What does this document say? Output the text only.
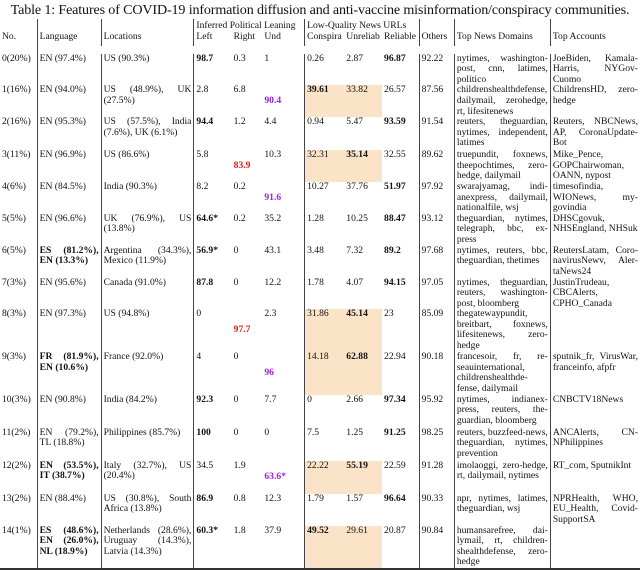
Table 1: Features of COVID-19 information diffusion and anti-vaccine misinformation/conspiracy communities.
			Inferred Political Leaning			Low-Quality News URLs					
No.	Language	Locations	Left	Right	Und	Conspira	Unreliab	Reliable	Others	Top News Domains	Top Accounts

0(20%)	EN (97.4%)	US (90.3%)	98.7	0.3	1	0.26	2.87	96.87	92.22	nytimes, washington-post, cnn, latimes, politico	JoeBiden, Kamala-Harris, NYGov-Cuomo
1(16%)	EN (94.0%)	US (48.9%), UK (27.5%)	2.8	6.8	90.4	39.61	33.82	26.57	87.56	childrenshealthdefense, dailymail, zerohedge, rt, lifesitenews	ChildrensHD, zero-hedge
2(16%)	EN (95.3%)	US (57.5%), India (7.6%), UK (6.1%)	94.4	1.2	4.4	0.94	5.47	93.59	91.54	reuters, theguardian, nytimes, independent, latimes	Reuters, NBCNews, AP, CoronaUpdate-Bot
3(11%)	EN (96.9%)	US (86.6%)	5.8	83.9	10.3	32.31	35.14	32.55	89.62	truepundit, foxnews, theepochtimes, zero-hedge, dailymail	Mike_Pence, GOPChairwoman, OANN, nypost
4(6%)	EN (84.5%)	India (90.3%)	8.2	0.2	91.6	10.27	37.76	51.97	97.92	swarajyamag, indi-anexpress, dailymail, nationalfile, wsj	timesofindia, WIONews, my-govindia
5(5%)	EN (96.6%)	UK (76.9%), US (13.8%)	64.6*	0.2	35.2	1.28	10.25	88.47	93.12	theguardian, nytimes, telegraph, bbc, ex-press	DHSCgovuk, NHSEngland, NHSuk
6(5%)	ES (81.2%), EN (13.3%)	Argentina (34.3%), Mexico (11.9%)	56.9*	0	43.1	3.48	7.32	89.2	97.68	nytimes, reuters, bbc, theguardian, thetimes	ReutersLatam, Coro-navirusNewv, Aler-taNews24
7(3%)	EN (95.6%)	Canada (91.0%)	87.8	0	12.2	1.78	4.07	94.15	97.05	nytimes, theguardian, reuters, washington-post, bloomberg	JustinTrudeau, CBCAlerts, CPHO_Canada
8(3%)	EN (97.3%)	US (94.8%)	0	97.7	2.3	31.86	45.14	23	85.09	thegatewaypundit, breitbart, foxnews, lifesitenews, zero-hedge	
9(3%)	FR (81.9%), EN (10.6%)	France (92.0%)	4	0	96	14.18	62.88	22.94	90.18	francesoir, fr, re-seauinternational, childrenshealthde-fense, dailymail	sputnik_fr, VirusWar, franceinfo, afpfr
10(3%)	EN (90.8%)	India (84.2%)	92.3	0	7.7	0	2.66	97.34	95.92	nytimes, indianex-press, reuters, the-guardian, bloomberg	CNBCTV18News
11(2%)	EN (79.2%), TL (18.8%)	Philippines (85.7%)	100	0	0	7.5	1.25	91.25	98.25	reuters, buzzfeed-news, theguardian, nytimes, prevention	ANCAlerts, CN-NPhilippines
12(2%)	EN (53.5%), IT (38.7%)	Italy (32.7%), US (20.4%)	34.5	1.9	63.6*	22.22	55.19	22.59	91.28	imolaoggi, zero-hedge, rt, dailymail, nytimes	RT_com, SputnikInt
13(2%)	EN (88.4%)	US (30.8%), South Africa (13.8%)	86.9	0.8	12.3	1.79	1.57	96.64	90.33	npr, nytimes, latimes, theguardian, wsj	NPRHealth, WHO, EU_Health, Covid-SupportSA
14(1%)	ES (48.6%), EN (26.0%), NL (18.9%)	Netherlands (28.6%), Uruguay (14.3%), Latvia (14.3%)	60.3*	1.8	37.9	49.52	29.61	20.87	90.84	humansarefree, dai-lymail, rt, children-shealthdefense, zero-hedge	
